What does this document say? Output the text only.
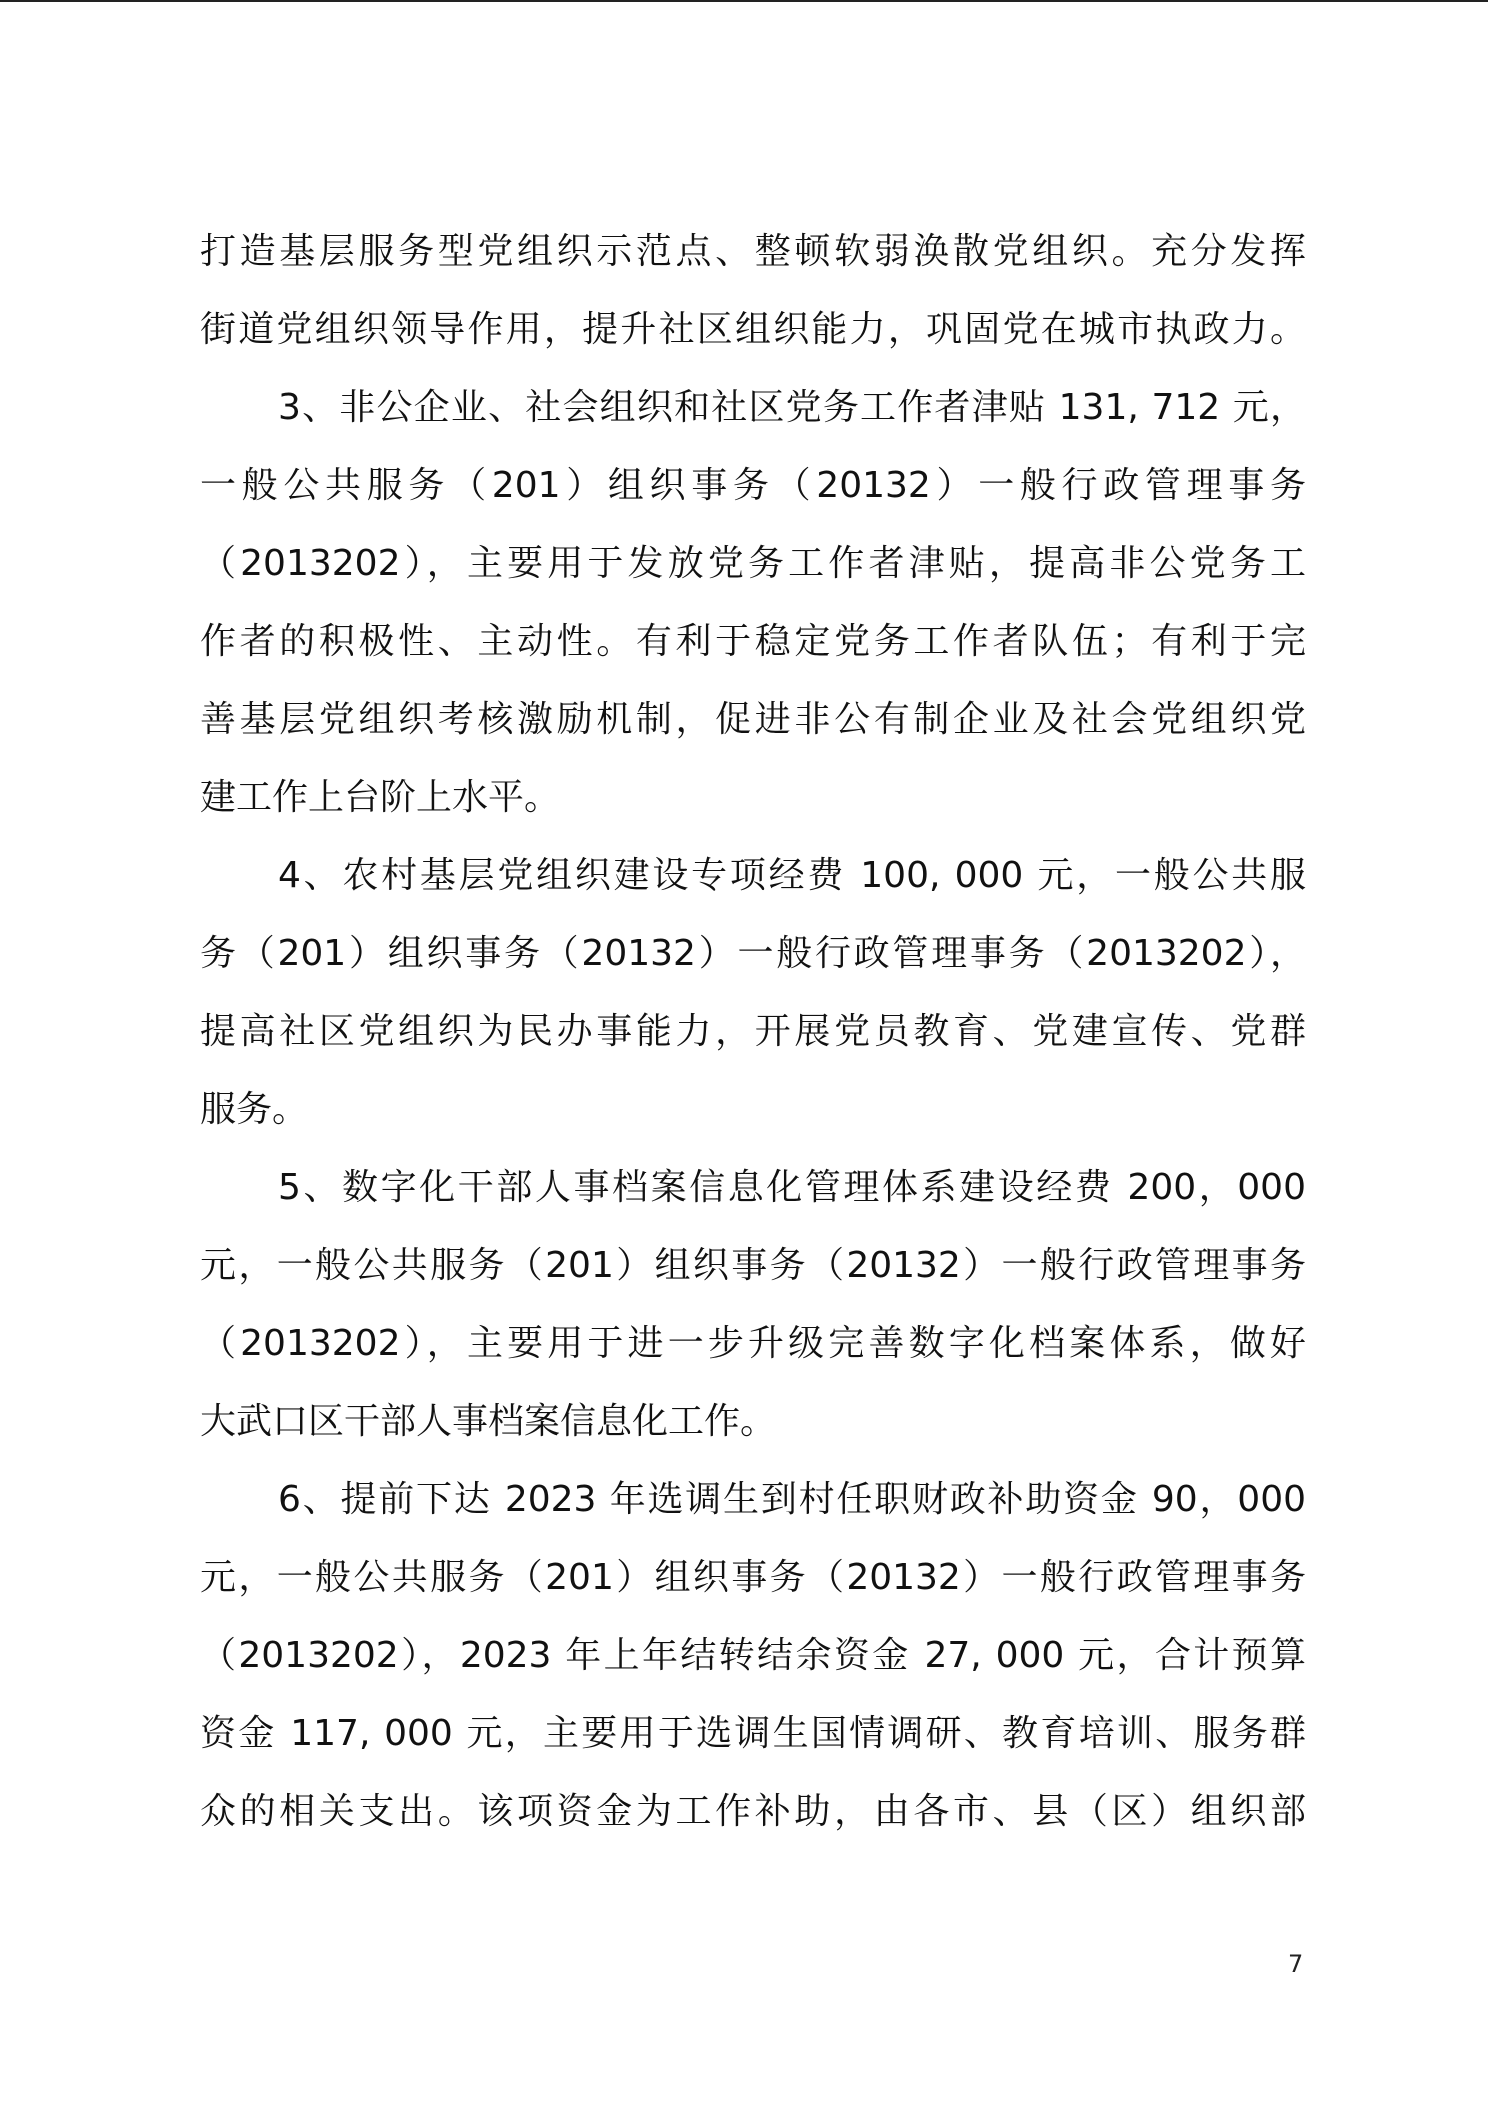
打造基层服务型党组织示范点、整顿软弱涣散党组织。充分发挥
街道党组织领导作用，提升社区组织能力，巩固党在城市执政力。
3、非公企业、社会组织和社区党务工作者津贴 131, 712 元，
一般公共服务（201）组织事务（20132）一般行政管理事务
（2013202），主要用于发放党务工作者津贴，提高非公党务工
作者的积极性、主动性。有利于稳定党务工作者队伍；有利于完
善基层党组织考核激励机制，促进非公有制企业及社会党组织党
建工作上台阶上水平。
4、农村基层党组织建设专项经费 100, 000 元，一般公共服
务（201）组织事务（20132）一般行政管理事务（2013202），
提高社区党组织为民办事能力，开展党员教育、党建宣传、党群
服务。
5、数字化干部人事档案信息化管理体系建设经费 200，000
元，一般公共服务（201）组织事务（20132）一般行政管理事务
（2013202），主要用于进一步升级完善数字化档案体系，做好
大武口区干部人事档案信息化工作。
6、提前下达 2023 年选调生到村任职财政补助资金 90，000
元，一般公共服务（201）组织事务（20132）一般行政管理事务
（2013202），2023 年上年结转结余资金 27, 000 元，合计预算
资金 117, 000 元，主要用于选调生国情调研、教育培训、服务群
众的相关支出。该项资金为工作补助，由各市、县（区）组织部
7
